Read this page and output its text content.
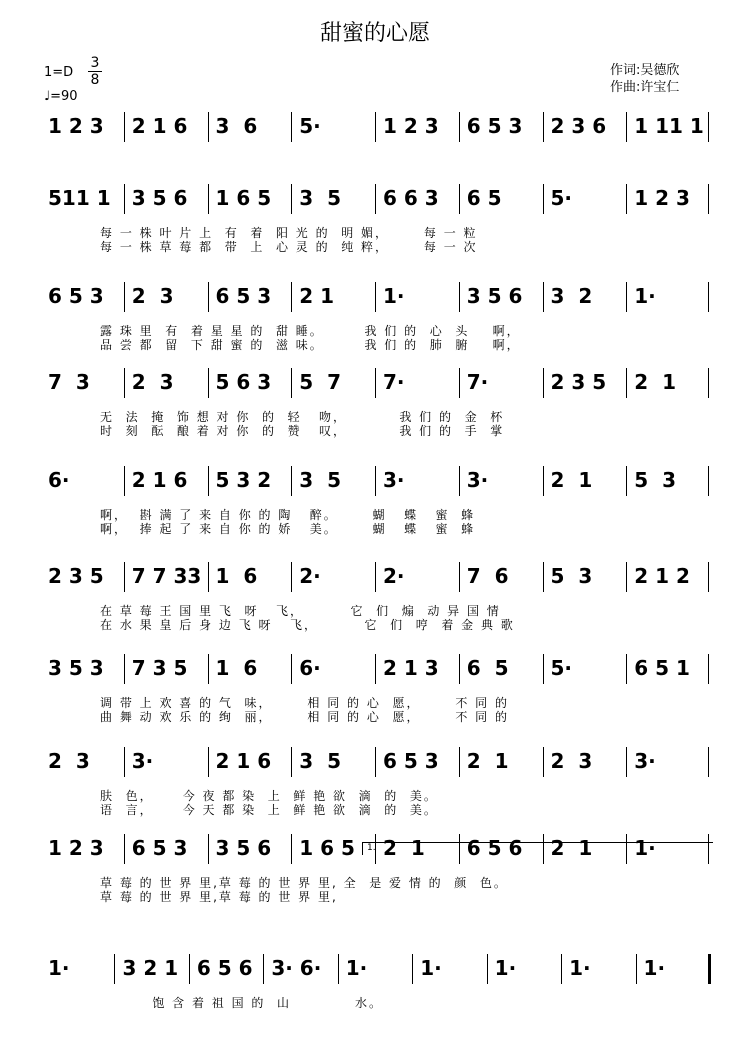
甜蜜的心愿
1=D
3
8
♩=90
作词:吴德欣
作曲:许宝仁
1 2 3 2 1 6 3  6 5·	1 2 3 6 5 3 2 3 6 1 11 1
511 1 3 5 6 1 6 5 3  5 6 6 3 6 5 5·	1 2 3
每 一 株 叶 片 上  有  着  阳 光 的  明 媚，      每 一 粒
每 一 株 草 莓 都  带  上  心 灵 的  纯 粹，      每 一 次
6 5 3 2  3 6 5 3 2 1 1·	3 5 6 3  2 1·
露 珠 里  有  着 星 星 的  甜 睡。       我 们 的  心  头    啊，
品 尝 都  留  下 甜 蜜 的  滋 味。       我 们 的  肺  腑    啊，
7  3 2  3 5 6 3 5  7 7·	7·	2 3 5 2  1
无  法  掩  饰 想 对 你  的  轻   吻，         我 们 的  金  杯
时  刻  酝  酿 着 对 你  的  赞   叹，         我 们 的  手  掌
6·	2 1 6 5 3 2 3  5 3·	3·	2  1 5  3
啊，  斟 满 了 来 自 你 的 陶   醉。      蝴   蝶   蜜  蜂
啊，  捧 起 了 来 自 你 的 娇   美。      蝴   蝶   蜜  蜂
2 3 5 7 7 33 1  6 2·	2·	7  6 5  3 2 1 2
在 草 莓 王 国 里 飞  呀   飞，        它  们  煽  动 异 国 情
在 水 果 皇 后 身 边 飞 呀   飞，        它  们  哼  着 金 典 歌
3 5 3 7 3 5 1  6 6·	2 1 3 6  5 5·	6 5 1
调 带 上 欢 喜 的 气  味，      相 同 的 心  愿，      不 同 的
曲 舞 动 欢 乐 的 绚  丽，      相 同 的 心  愿，      不 同 的
2  3 3·	2 1 6 3  5 6 5 3 2  1 2  3 3·
肤  色，     今 夜 都 染  上  鲜 艳 欲  滴  的  美。
语  言，     今 天 都 染  上  鲜 艳 欲  滴  的  美。
1 2 3 6 5 3 3 5 6 1 6 5 2  1 6 5 6 2  1 1·
草 莓 的 世 界 里,草 莓 的 世 界 里, 全  是 爱 情 的  颜  色。
草 莓 的 世 界 里,草 莓 的 世 界 里,
1·	3 2 1 6 5 6 3· 6· 1·	1·	1·	1·	1·
饱 含 着 祖 国 的  山           水。
1.
